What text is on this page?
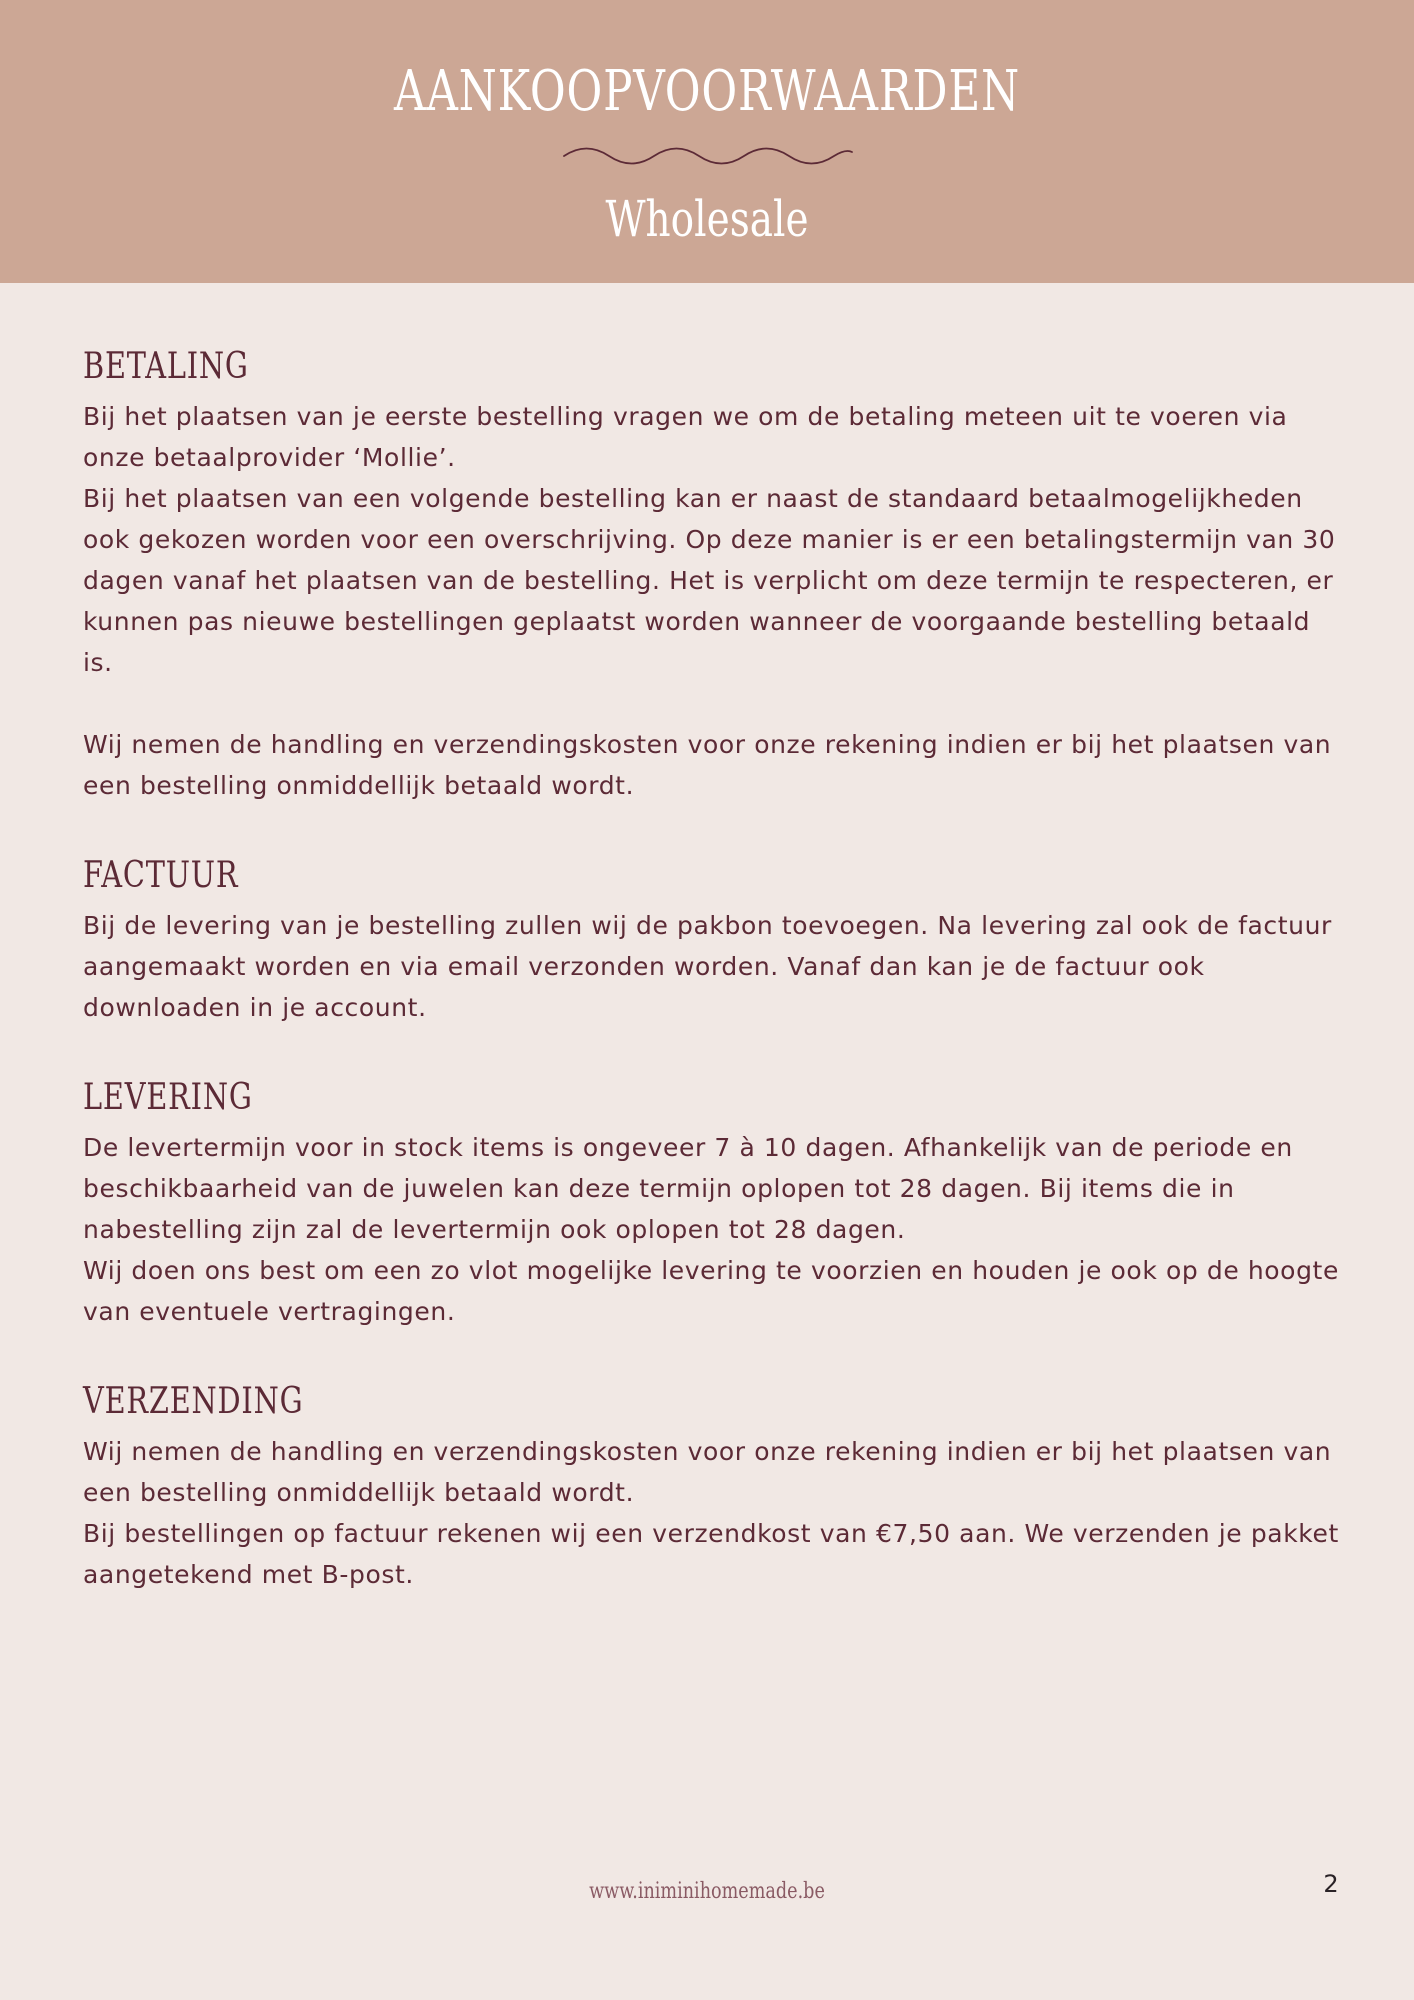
AANKOOPVOORWAARDEN
Wholesale
BETALING

Bij het plaatsen van je eerste bestelling vragen we om de betaling meteen uit te voeren via onze betaalprovider ‘Mollie’.

Bij het plaatsen van een volgende bestelling kan er naast de standaard betaalmogelijkheden ook gekozen worden voor een overschrijving. Op deze manier is er een betalingstermijn van 30 dagen vanaf het plaatsen van de bestelling. Het is verplicht om deze termijn te respecteren, er kunnen pas nieuwe bestellingen geplaatst worden wanneer de voorgaande bestelling betaald is.

Wij nemen de handling en verzendingskosten voor onze rekening indien er bij het plaatsen van een bestelling onmiddellijk betaald wordt.

FACTUUR

Bij de levering van je bestelling zullen wij de pakbon toevoegen. Na levering zal ook de factuur aangemaakt worden en via email verzonden worden. Vanaf dan kan je de factuur ook downloaden in je account.

LEVERING

De levertermijn voor in stock items is ongeveer 7 à 10 dagen. Afhankelijk van de periode en beschikbaarheid van de juwelen kan deze termijn oplopen tot 28 dagen. Bij items die in nabestelling zijn zal de levertermijn ook oplopen tot 28 dagen.

Wij doen ons best om een zo vlot mogelijke levering te voorzien en houden je ook op de hoogte van eventuele vertragingen.

VERZENDING

Wij nemen de handling en verzendingskosten voor onze rekening indien er bij het plaatsen van een bestelling onmiddellijk betaald wordt.

Bij bestellingen op factuur rekenen wij een verzendkost van €7,50 aan. We verzenden je pakket aangetekend met B-post.

www.iniminihomemade.be	2
